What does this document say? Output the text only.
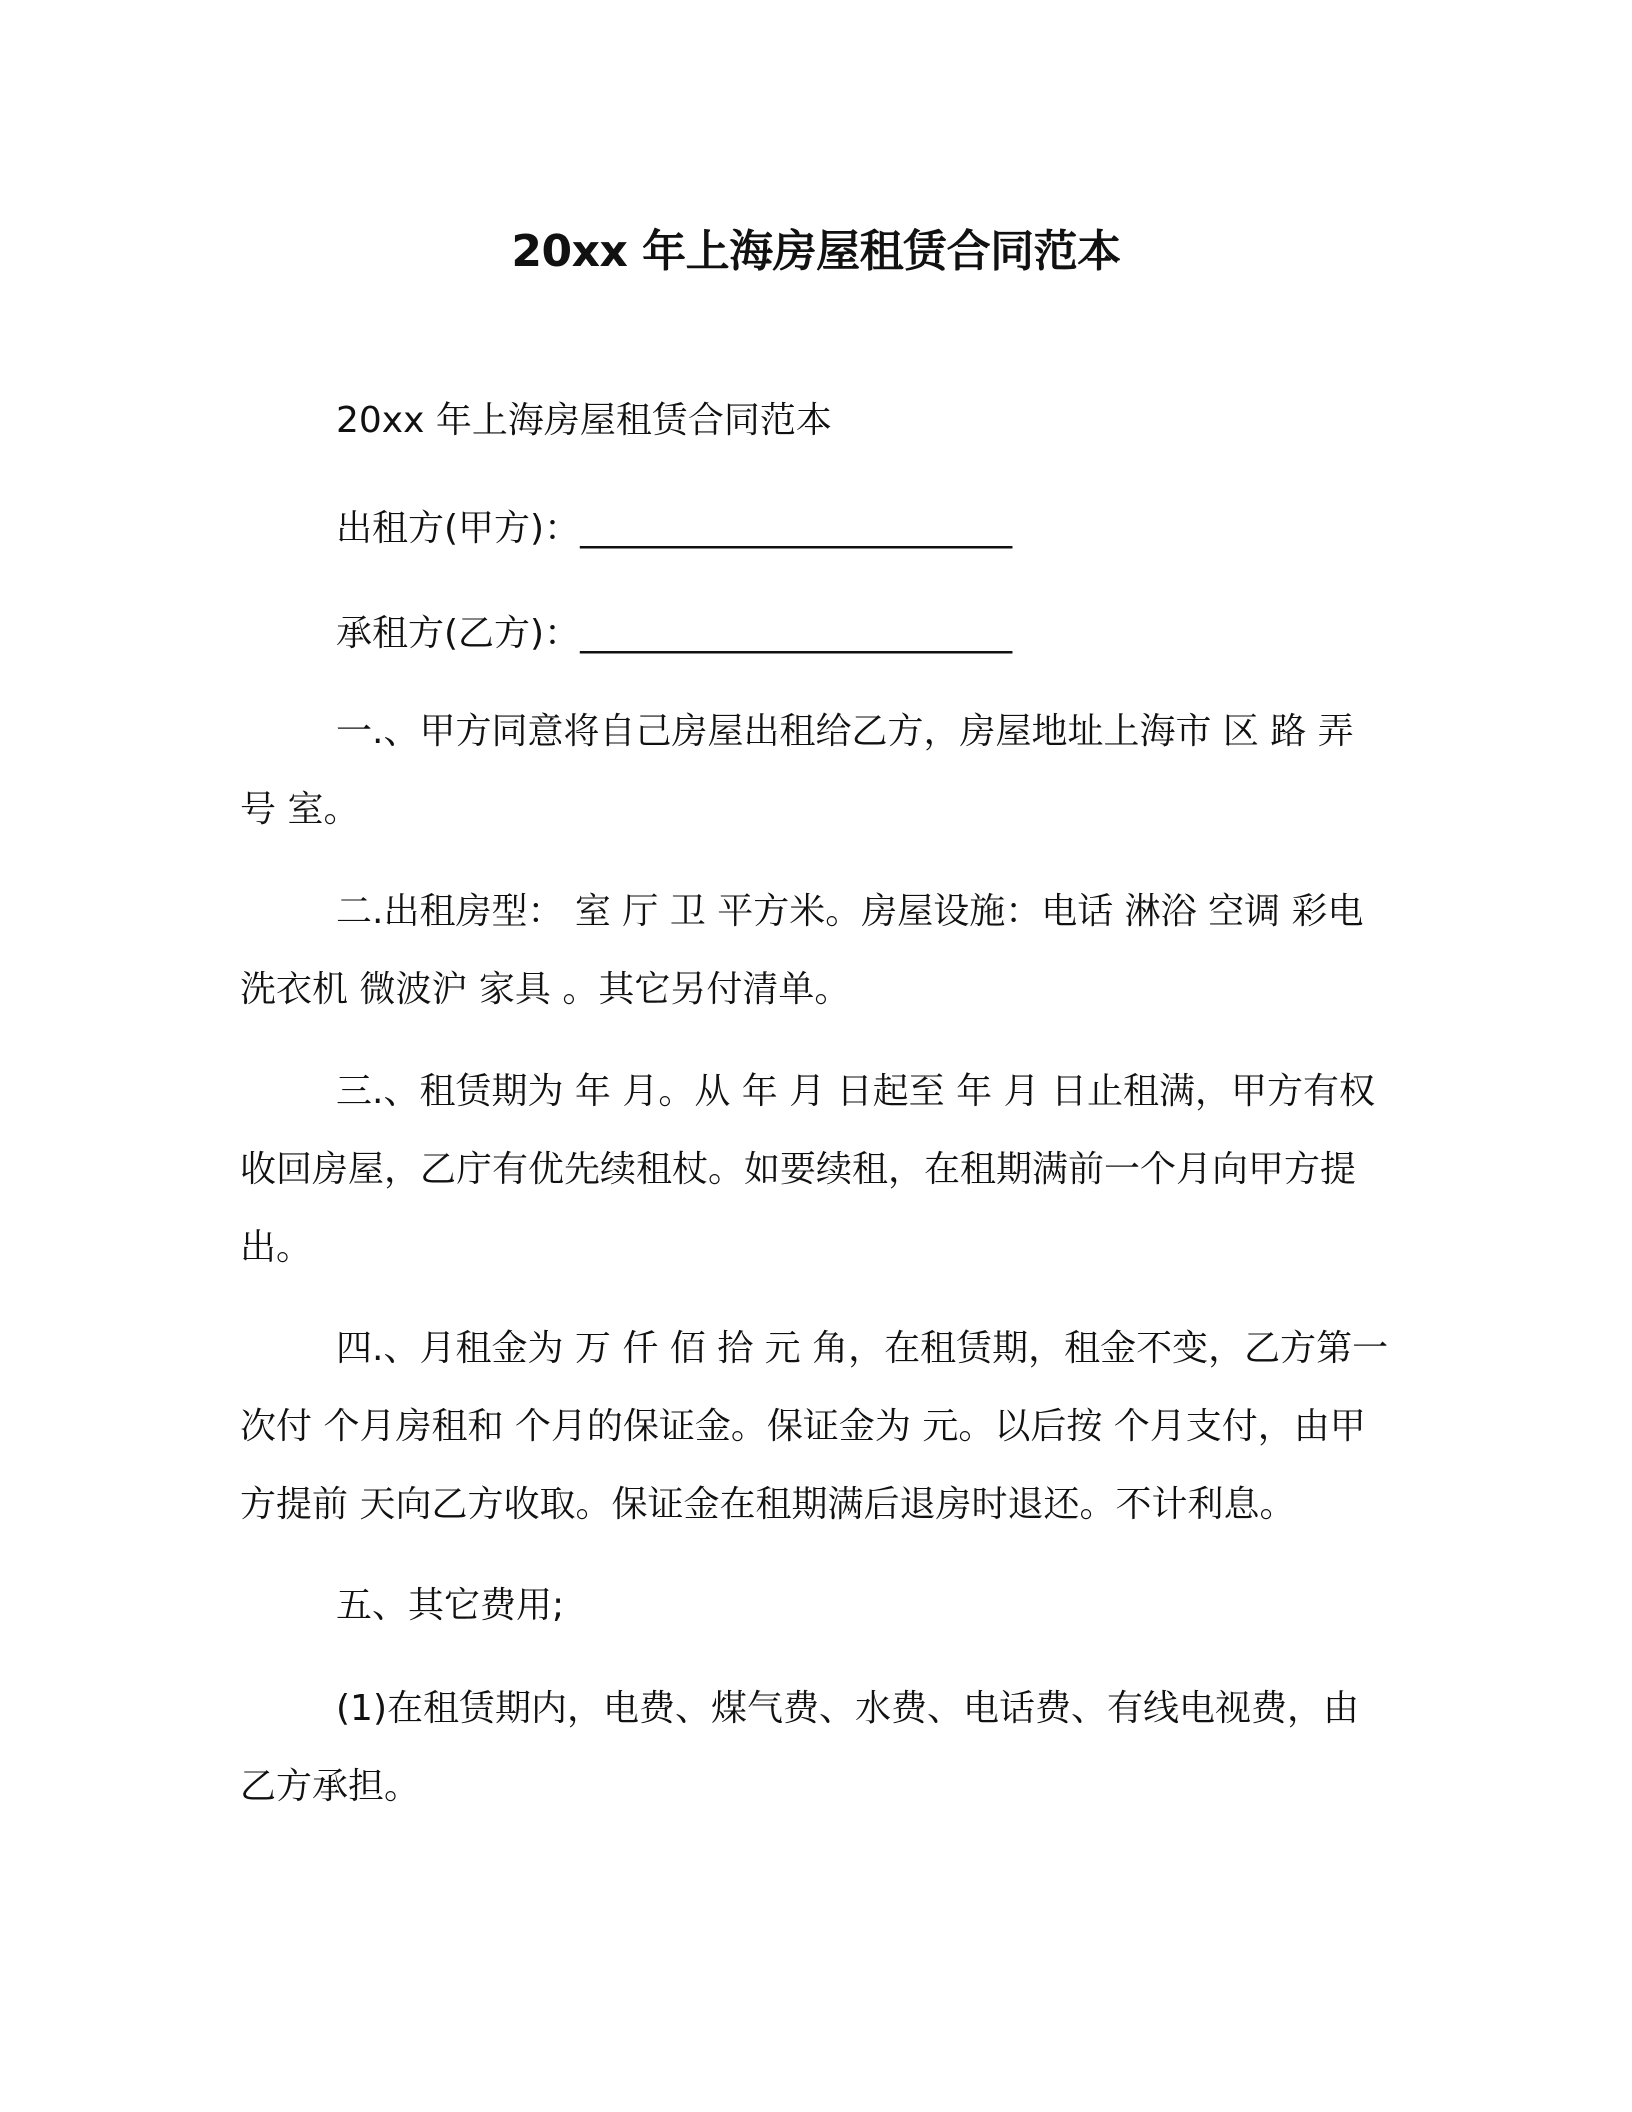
20xx 年上海房屋租赁合同范本

20xx 年上海房屋租赁合同范本

出租方(甲方)：________________________

承租方(乙方)：________________________

一.、甲方同意将自己房屋出租给乙方，房屋地址上海市 区 路 弄 号 室。

二.出租房型： 室 厅 卫 平方米。房屋设施：电话 淋浴 空调 彩电 洗衣机 微波沪 家具 。其它另付清单。

三.、租赁期为 年 月。从 年 月 日起至 年 月 日止租满，甲方有权收回房屋，乙庁有优先续租杖。如要续租，在租期满前一个月向甲方提出。

四.、月租金为 万 仟 佰 拾 元 角，在租赁期，租金不变，乙方第一次付 个月房租和 个月的保证金。保证金为 元。以后按 个月支付，由甲方提前 天向乙方收取。保证金在租期满后退房时退还。不计利息。

五、其它费用;

(1)在租赁期内，电费、煤气费、水费、电话费、有线电视费，由乙方承担。
